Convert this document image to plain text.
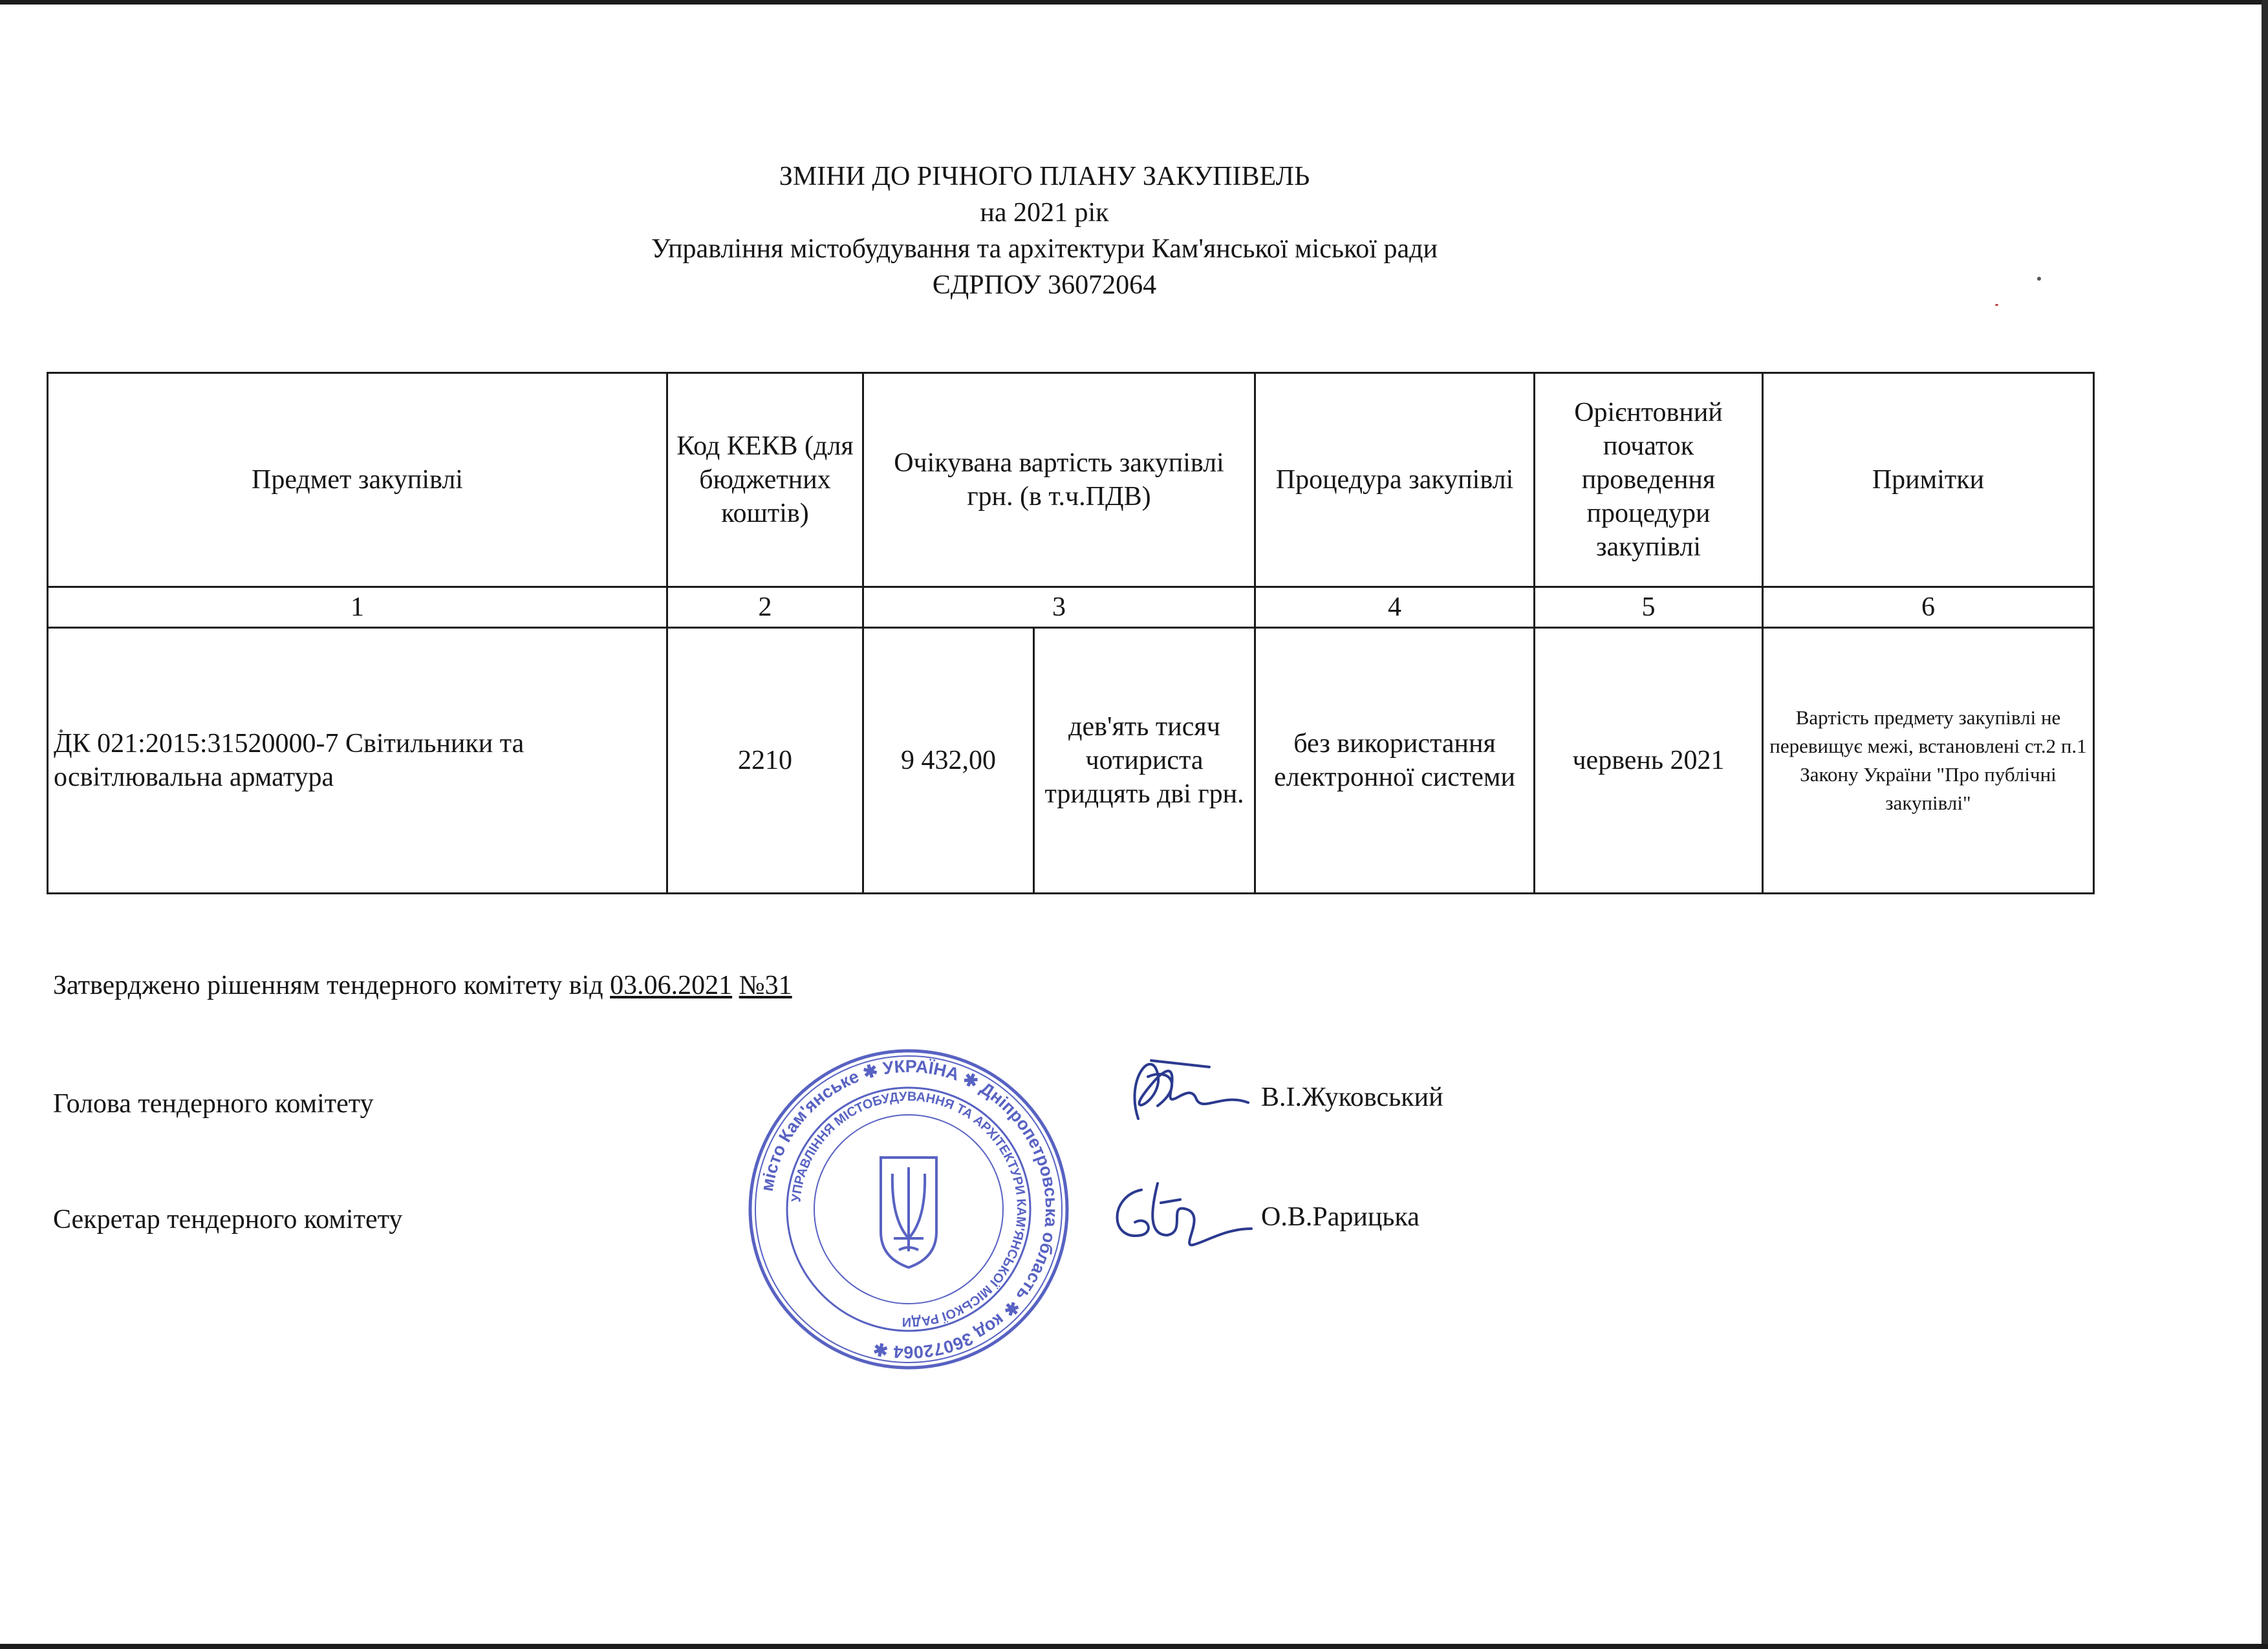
ЗМІНИ ДО РІЧНОГО ПЛАНУ ЗАКУПІВЕЛЬ
на 2021 рік
Управління містобудування та архітектури Кам'янської міської ради
ЄДРПОУ 36072064
Предмет закупівлі	Код КЕКВ (для бюджетних коштів)	Очікувана вартість закупівлі грн. (в т.ч.ПДВ)		Процедура закупівлі	Орієнтовний початок проведення процедури закупівлі	Примітки
1	2	3		4	5	6
ДК 021:2015:31520000-7 Світильники та освітлювальна арматура	2210	9 432,00	дев'ять тисяч чотириста тридцять дві грн.	без використання електронної системи	червень 2021	Вартість предмету закупівлі не перевищує межі, встановлені ст.2 п.1 Закону України "Про публічні закупівлі"
Затверджено рішенням тендерного комітету від 03.06.2021 №31
Голова тендерного комітету	В.І.Жуковський
Секретар тендерного комітету	О.В.Рарицька
місто Кам'янське ✱ УКРАЇНА ✱ Дніпропетровська область ✱ код 36072064 ✱
УПРАВЛІННЯ МІСТОБУДУВАННЯ ТА АРХІТЕКТУРИ КАМ'ЯНСЬКОЇ МІСЬКОЇ РАДИ
